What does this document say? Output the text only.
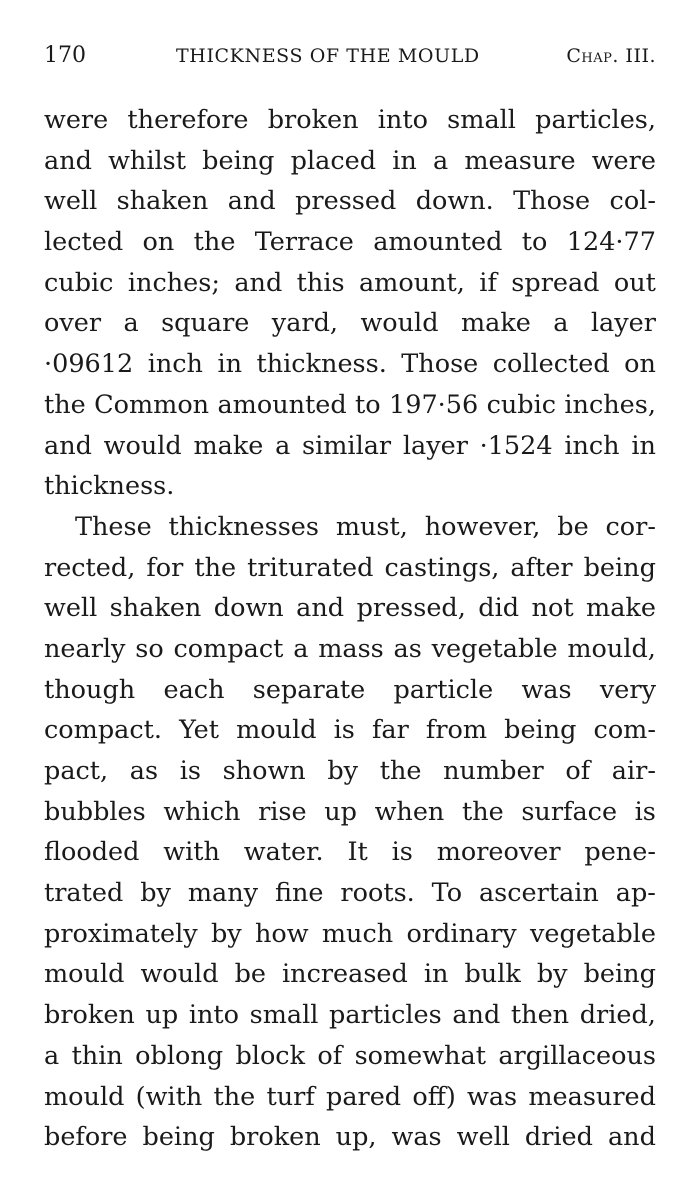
170	THICKNESS OF THE MOULD	Chap. III.
were therefore broken into small particles,
and whilst being placed in a measure were
well shaken and pressed down. Those col-
lected on the Terrace amounted to 124·77
cubic inches; and this amount, if spread out
over a square yard, would make a layer
·09612 inch in thickness. Those collected on
the Common amounted to 197·56 cubic inches,
and would make a similar layer ·1524 inch in
thickness.
These thicknesses must, however, be cor-
rected, for the triturated castings, after being
well shaken down and pressed, did not make
nearly so compact a mass as vegetable mould,
though each separate particle was very
compact. Yet mould is far from being com-
pact, as is shown by the number of air-
bubbles which rise up when the surface is
flooded with water. It is moreover pene-
trated by many fine roots. To ascertain ap-
proximately by how much ordinary vegetable
mould would be increased in bulk by being
broken up into small particles and then dried,
a thin oblong block of somewhat argillaceous
mould (with the turf pared off) was measured
before being broken up, was well dried and
